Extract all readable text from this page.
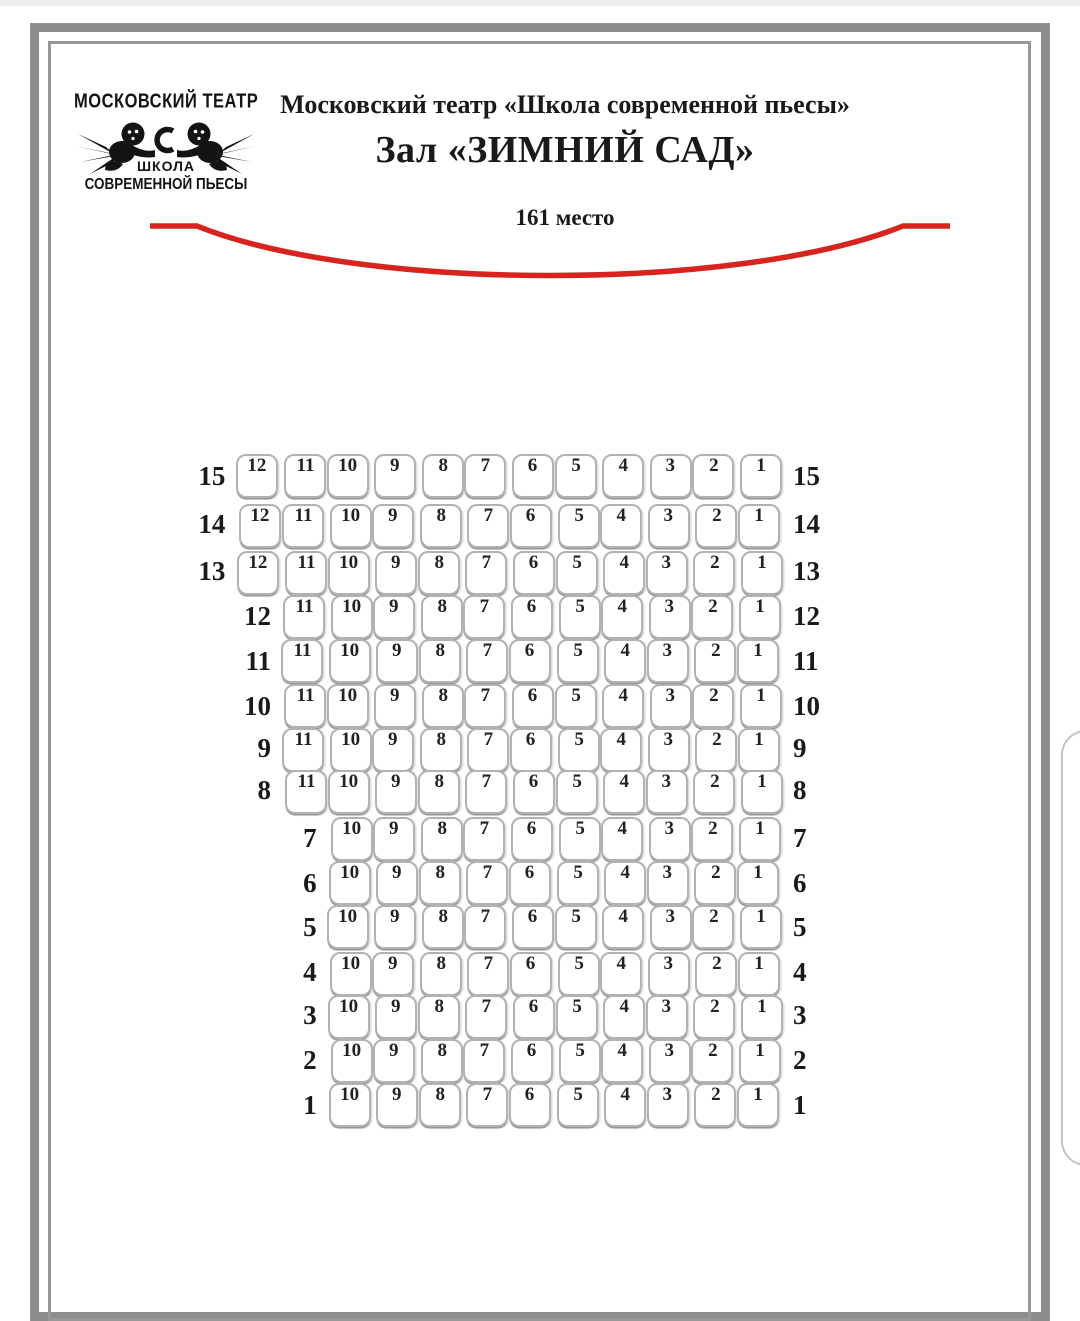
МОСКОВСКИЙ ТЕАТР
ШКОЛА
СОВРЕМЕННОЙ ПЬЕСЫ
Московский театр «Школа современной пьесы»
Зал «ЗИМНИЙ САД»
161 место
15	12	11	10	9	8	7	6	5	4	3	2	1	15
14	12	11	10	9	8	7	6	5	4	3	2	1	14
13	12	11	10	9	8	7	6	5	4	3	2	1 13
12	11	10	9	8	7	6	5	4	3	2	1	12
11	11	10	9	8	7	6	5	4	3	2	1	11
10	11	10	9	8	7	6	5	4	3	2	1	10
9	11	10	9	8	7	6	5	4	3	2	1	9
8	11	10	9	8	7	6	5	4	3	2	1 8
7	10	9	8	7	6	5	4	3	2	1	7
6	10	9	8	7	6	5	4	3	2	1	6
5	10	9	8	7	6	5	4	3	2	1	5
4	10	9	8	7	6	5	4	3	2	1	4
3	10	9	8	7	6	5	4	3	2	1 3
2	10	9	8	7	6	5	4	3	2	1	2
1	10	9	8	7	6	5	4	3	2	1	1
